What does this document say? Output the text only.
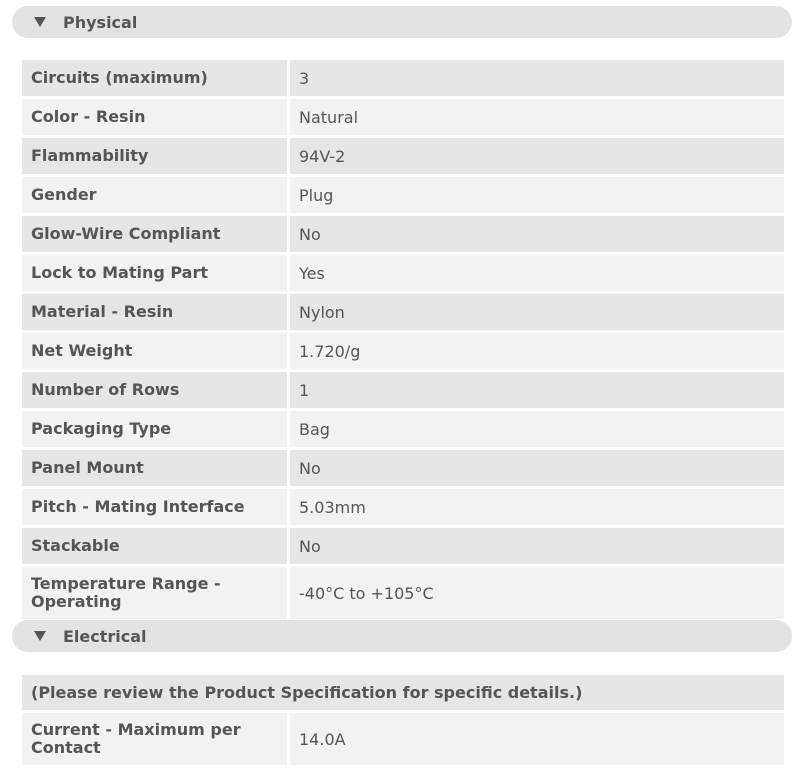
Physical
Circuits (maximum)	3
Color - Resin	Natural
Flammability	94V-2
Gender	Plug
Glow-Wire Compliant	No
Lock to Mating Part	Yes
Material - Resin	Nylon
Net Weight	1.720/g
Number of Rows	1
Packaging Type	Bag
Panel Mount	No
Pitch - Mating Interface	5.03mm
Stackable	No
Temperature Range - Operating	-40°C to +105°C
Electrical
(Please review the Product Specification for specific details.)
Current - Maximum per Contact	14.0A
